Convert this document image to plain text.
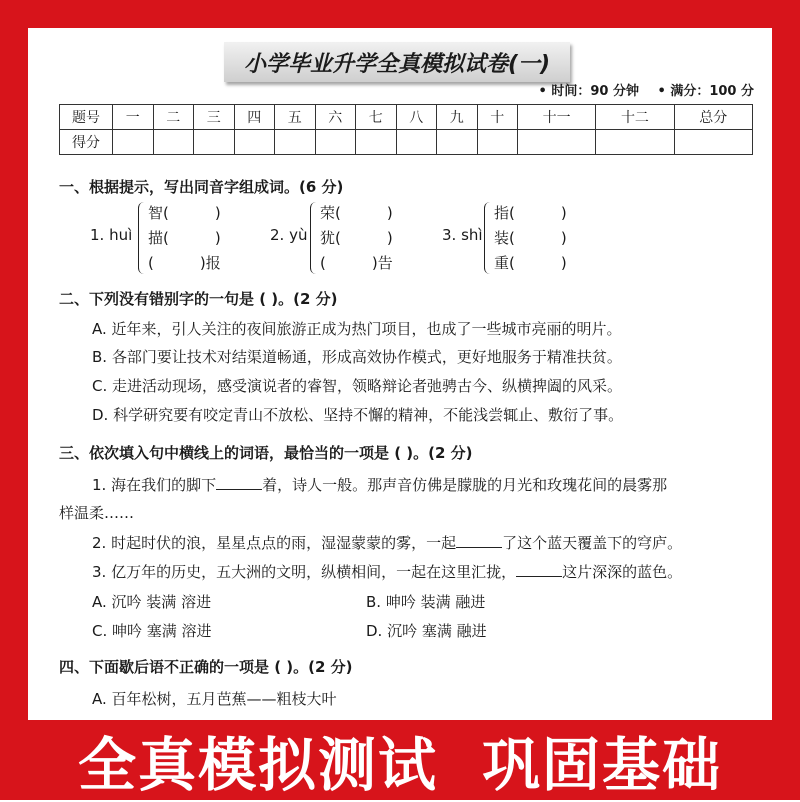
小学毕业升学全真模拟试卷(一)
• 时间：90 分钟 • 满分：100 分
题号	一	二	三	四	五	六	七	八	九	十	十一	十二	总分
得分													
一、根据提示，写出同音字组成词。(6 分)
1. huì
智(	)
描(	)
(	)报
2. yù
荣(	)
犹(	)
(	)告
3. shì
指(	)
装(	)
重(	)
二、下列没有错别字的一句是 ( )。(2 分)
A. 近年来，引人关注的夜间旅游正成为热门项目，也成了一些城市亮丽的明片。
B. 各部门要让技术对结渠道畅通，形成高效协作模式，更好地服务于精准扶贫。
C. 走进活动现场，感受演说者的睿智，领略辩论者弛骋古今、纵横捭阖的风采。
D. 科学研究要有咬定青山不放松、坚持不懈的精神，不能浅尝辄止、敷衍了事。
三、依次填入句中横线上的词语，最恰当的一项是 ( )。(2 分)
1. 海在我们的脚下	着，诗人一般。那声音仿佛是朦胧的月光和玫瑰花间的晨雾那
样温柔……
2. 时起时伏的浪，星星点点的雨，湿湿蒙蒙的雾，一起	了这个蓝天覆盖下的穹庐。
3. 亿万年的历史，五大洲的文明，纵横相间，一起在这里汇拢，	这片深深的蓝色。
A. 沉吟 装满 溶进	B. 呻吟 装满 融进
C. 呻吟 塞满 溶进	D. 沉吟 塞满 融进
四、下面歇后语不正确的一项是 ( )。(2 分)
A. 百年松树，五月芭蕉——粗枝大叶
全真模拟测试 巩固基础
